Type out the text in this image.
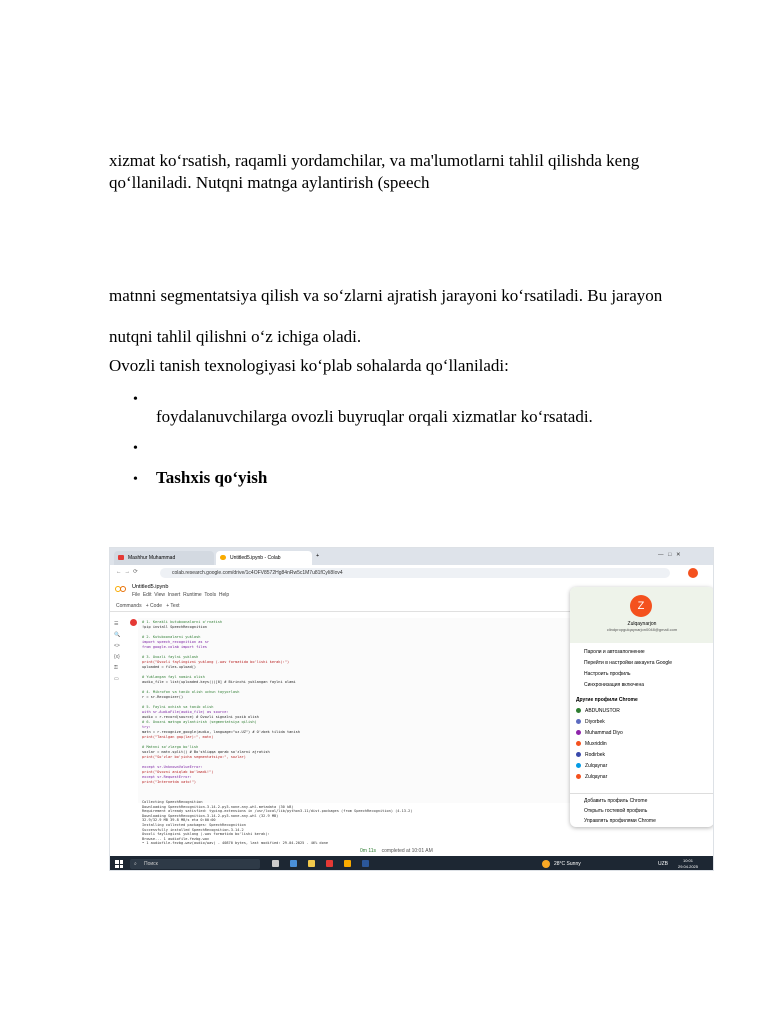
xizmat ko‘rsatish, raqamli yordamchilar, va ma'lumotlarni tahlil qilishda keng
qo‘llaniladi. Nutqni matnga aylantirish (speech
matnni segmentatsiya qilish va so‘zlarni ajratish jarayoni ko‘rsatiladi. Bu jarayon
nutqni tahlil qilishni o‘z ichiga oladi.
Ovozli tanish texnologiyasi ko‘plab sohalarda qo‘llaniladi:
•
foydalanuvchilarga ovozli buyruqlar orqali xizmatlar ko‘rsatadi.
•
• Tashxis qo‘yish
Mashhur Muhammad	Untitled5.ipynb - Colab	+	—   □   ✕
←  →  ⟳	colab.research.google.com/drive/1c4OFV8572Hg84nRw5c1M7u81fCyIi8Iov4
Untitled5.ipynb
File Edit View Insert Runtime Tools Help
Commands + Code + Text
☰
🔍
<>
{x}
⚿
▭
# 1. Kerakli kutubxonalarni o'rnatish
!pip install SpeechRecognition
# 2. Kutubxonalarni yuklash
import speech_recognition as sr
from google.colab import files
# 3. Ovozli faylni yuklash
print("Ovozli faylingizni yuklang (.wav formatida bo'lishi kerak):")
uploaded = files.upload()
# Yuklangan fayl nomini olish
audio_file = list(uploaded.keys())[0] # Birinchi yuklangan faylni olami
# 4. Mikrofon va tanib olish uchun tayyorlash
r = sr.Recognizer()
# 5. Faylni ochish va tanib olish
with sr.AudioFile(audio_file) as source:
audio = r.record(source) # Ovozli signalni yozib olish
# 6. Ovozni matnga aylantirish (segmentatsiya qilish)
try:
matn = r.recognize_google(audio, language="uz-UZ") # O'zbek tilida tanish
print("Tanilgan gap(lar):", matn)
# Matnni so'zlarga bo'lish
sozlar = matn.split() # Bo'shliqqa qarab so'zlarni ajratish
print("So'zlar bo'yicha segmentatsiya:", sozlar)
except sr.UnknownValueError:
print("Ovozni aniqlab bo'lmadi!")
except sr.RequestError:
print("Internetda xato!")
Collecting SpeechRecognition
Downloading SpeechRecognition-3.14.2-py3-none-any.whl.metadata (30 kB)
Requirement already satisfied: typing-extensions in /usr/local/lib/python3.11/dist-packages (from SpeechRecognition) (4.13.2)
Downloading SpeechRecognition-3.14.2-py3-none-any.whl (32.9 MB)
32.9/32.9 MB 39.8 MB/s eta 0:00:00
Installing collected packages: SpeechRecognition
Successfully installed SpeechRecognition-3.14.2
Ovozli faylingizni yuklang (.wav formatida bo'lishi kerak):
Browse... 1 audiofile-fezbg.wav
• 1 audiofile-fezbg.wav(audio/wav) - 40870 bytes, last modified: 29.04.2025 - 46% done
0m 11s completed at 10:01 AM
Z
Zulqaynarjon
clindpropgulqaynarjon0048@gmail.com
Пароли и автозаполнение
Перейти в настройки аккаунта Google
Настроить профиль
Синхронизация включена
Другие профили Chrome
ABDUNUSTOR
Diyorbek
Muhammad Diyo
Muxriddin
Rodirbek
Zulqaynar
Zulqaynar
Добавить профиль Chrome
Открыть гостевой профиль
Управлять профилями Chrome
⌕ Поиск	28°C Sunny	UZB
10:01
29.04.2025
